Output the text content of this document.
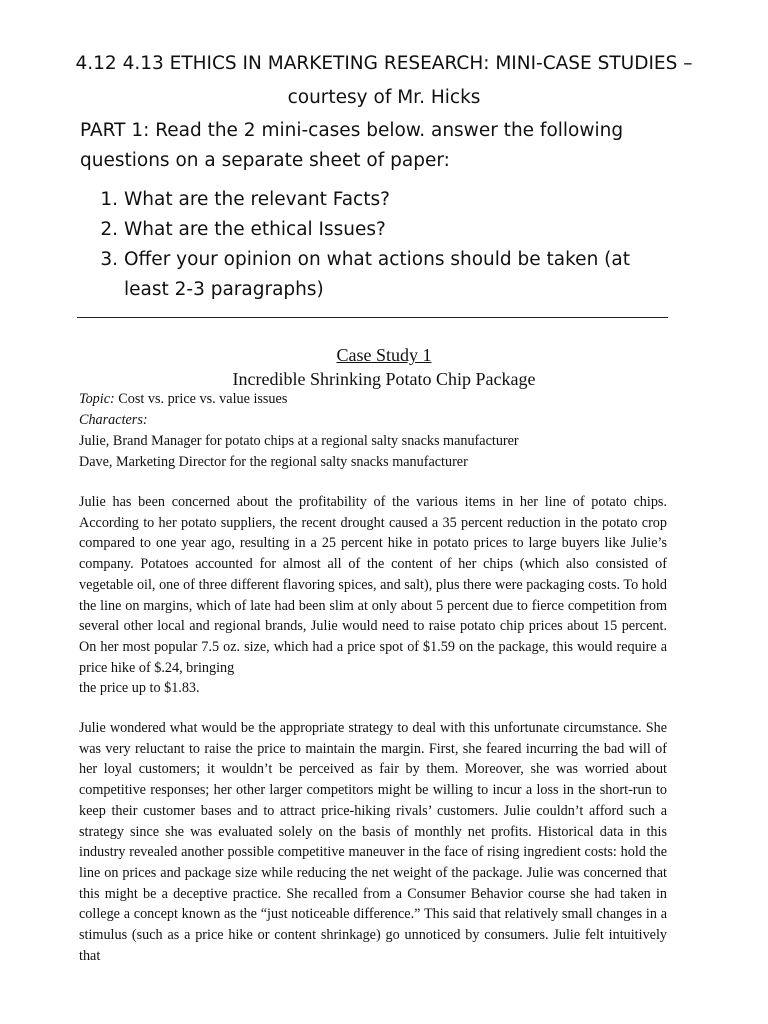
4.12 4.13 ETHICS IN MARKETING RESEARCH: MINI-CASE STUDIES –
courtesy of Mr. Hicks
PART 1: Read the 2 mini-cases below. answer the following questions on a separate sheet of paper:
1. What are the relevant Facts?
2. What are the ethical Issues?
3. Offer your opinion on what actions should be taken (at least 2-3 paragraphs)
Case Study 1
Incredible Shrinking Potato Chip Package
Topic: Cost vs. price vs. value issues
Characters:
Julie, Brand Manager for potato chips at a regional salty snacks manufacturer
Dave, Marketing Director for the regional salty snacks manufacturer
Julie has been concerned about the profitability of the various items in her line of potato chips. According to her potato suppliers, the recent drought caused a 35 percent reduction in the potato crop compared to one year ago, resulting in a 25 percent hike in potato prices to large buyers like Julie’s company. Potatoes accounted for almost all of the content of her chips (which also consisted of vegetable oil, one of three different flavoring spices, and salt), plus there were packaging costs. To hold the line on margins, which of late had been slim at only about 5 percent due to fierce competition from several other local and regional brands, Julie would need to raise potato chip prices about 15 percent. On her most popular 7.5 oz. size, which had a price spot of $1.59 on the package, this would require a price hike of $.24, bringing
the price up to $1.83.
Julie wondered what would be the appropriate strategy to deal with this unfortunate circumstance. She was very reluctant to raise the price to maintain the margin. First, she feared incurring the bad will of her loyal customers; it wouldn’t be perceived as fair by them. Moreover, she was worried about competitive responses; her other larger competitors might be willing to incur a loss in the short-run to keep their customer bases and to attract price-hiking rivals’ customers. Julie couldn’t afford such a strategy since she was evaluated solely on the basis of monthly net profits. Historical data in this industry revealed another possible competitive maneuver in the face of rising ingredient costs: hold the line on prices and package size while reducing the net weight of the package. Julie was concerned that this might be a deceptive practice. She recalled from a Consumer Behavior course she had taken in college a concept known as the “just noticeable difference.” This said that relatively small changes in a stimulus (such as a price hike or content shrinkage) go unnoticed by consumers. Julie felt intuitively that
